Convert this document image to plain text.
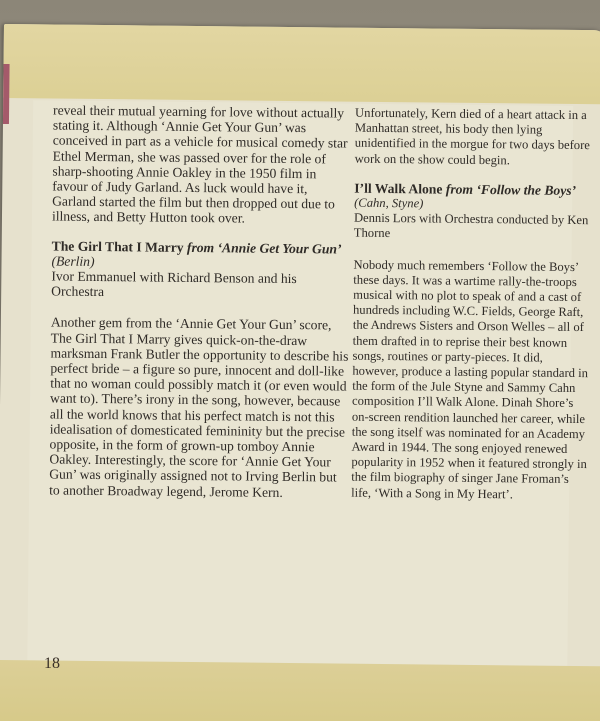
reveal their mutual yearning for love without actually stating it. Although ‘Annie Get Your Gun’ was conceived in part as a vehicle for musical comedy star Ethel Merman, she was passed over for the role of sharp-shooting Annie Oakley in the 1950 film in favour of Judy Garland. As luck would have it, Garland started the film but then dropped out due to illness, and Betty Hutton took over.

The Girl That I Marry from ‘Annie Get Your Gun’

(Berlin)

Ivor Emmanuel with Richard Benson and his Orchestra

Another gem from the ‘Annie Get Your Gun’ score, The Girl That I Marry gives quick-on-the-draw marksman Frank Butler the opportunity to describe his perfect bride – a figure so pure, innocent and doll-like that no woman could possibly match it (or even would want to). There’s irony in the song, however, because all the world knows that his perfect match is not this idealisation of domesticated femininity but the precise opposite, in the form of grown-up tomboy Annie Oakley. Interestingly, the score for ‘Annie Get Your Gun’ was originally assigned not to Irving Berlin but to another Broadway legend, Jerome Kern.

Unfortunately, Kern died of a heart attack in a Manhattan street, his body then lying unidentified in the morgue for two days before work on the show could begin.

I’ll Walk Alone from ‘Follow the Boys’

(Cahn, Styne)

Dennis Lors with Orchestra conducted by Ken Thorne

Nobody much remembers ‘Follow the Boys’ these days. It was a wartime rally-the-troops musical with no plot to speak of and a cast of hundreds including W.C. Fields, George Raft, the Andrews Sisters and Orson Welles – all of them drafted in to reprise their best known songs, routines or party-pieces. It did, however, produce a lasting popular standard in the form of the Jule Styne and Sammy Cahn composition I’ll Walk Alone. Dinah Shore’s on-screen rendition launched her career, while the song itself was nominated for an Academy Award in 1944. The song enjoyed renewed popularity in 1952 when it featured strongly in the film biography of singer Jane Froman’s life, ‘With a Song in My Heart’.

18
